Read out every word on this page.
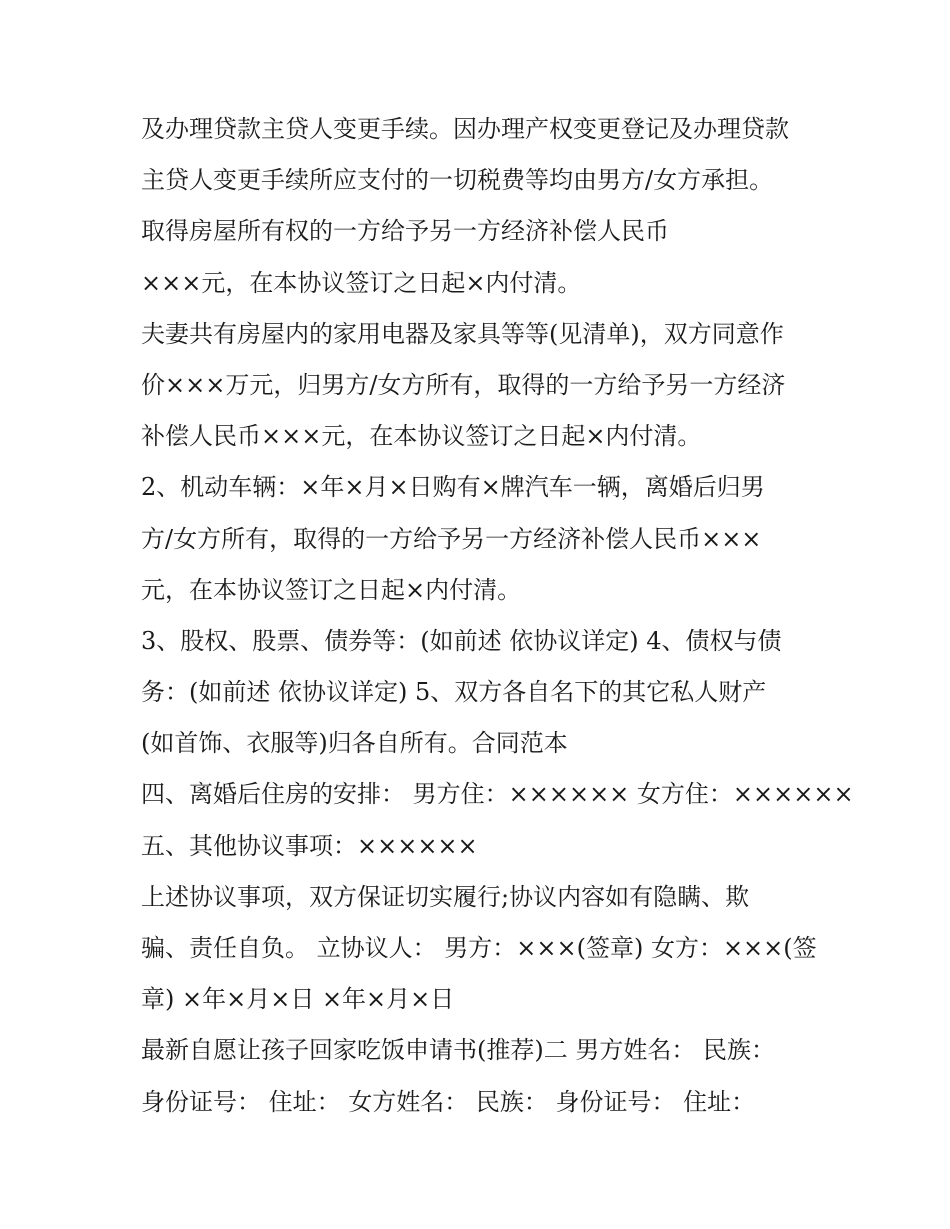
及办理贷款主贷人变更手续。因办理产权变更登记及办理贷款
主贷人变更手续所应支付的一切税费等均由男方/女方承担。
取得房屋所有权的一方给予另一方经济补偿人民币
×××元，在本协议签订之日起×内付清。
夫妻共有房屋内的家用电器及家具等等(见清单)，双方同意作
价×××万元，归男方/女方所有，取得的一方给予另一方经济
补偿人民币×××元，在本协议签订之日起×内付清。
2、机动车辆：×年×月×日购有×牌汽车一辆，离婚后归男
方/女方所有，取得的一方给予另一方经济补偿人民币×××
元，在本协议签订之日起×内付清。
3、股权、股票、债券等：(如前述 依协议详定) 4、债权与债
务：(如前述 依协议详定) 5、双方各自名下的其它私人财产
(如首饰、衣服等)归各自所有。合同范本
四、离婚后住房的安排： 男方住：×××××× 女方住：××××××
五、其他协议事项：××××××
上述协议事项，双方保证切实履行;协议内容如有隐瞒、欺
骗、责任自负。 立协议人： 男方：×××(签章) 女方：×××(签
章) ×年×月×日 ×年×月×日
最新自愿让孩子回家吃饭申请书(推荐)二 男方姓名： 民族：
身份证号： 住址： 女方姓名： 民族： 身份证号： 住址：
